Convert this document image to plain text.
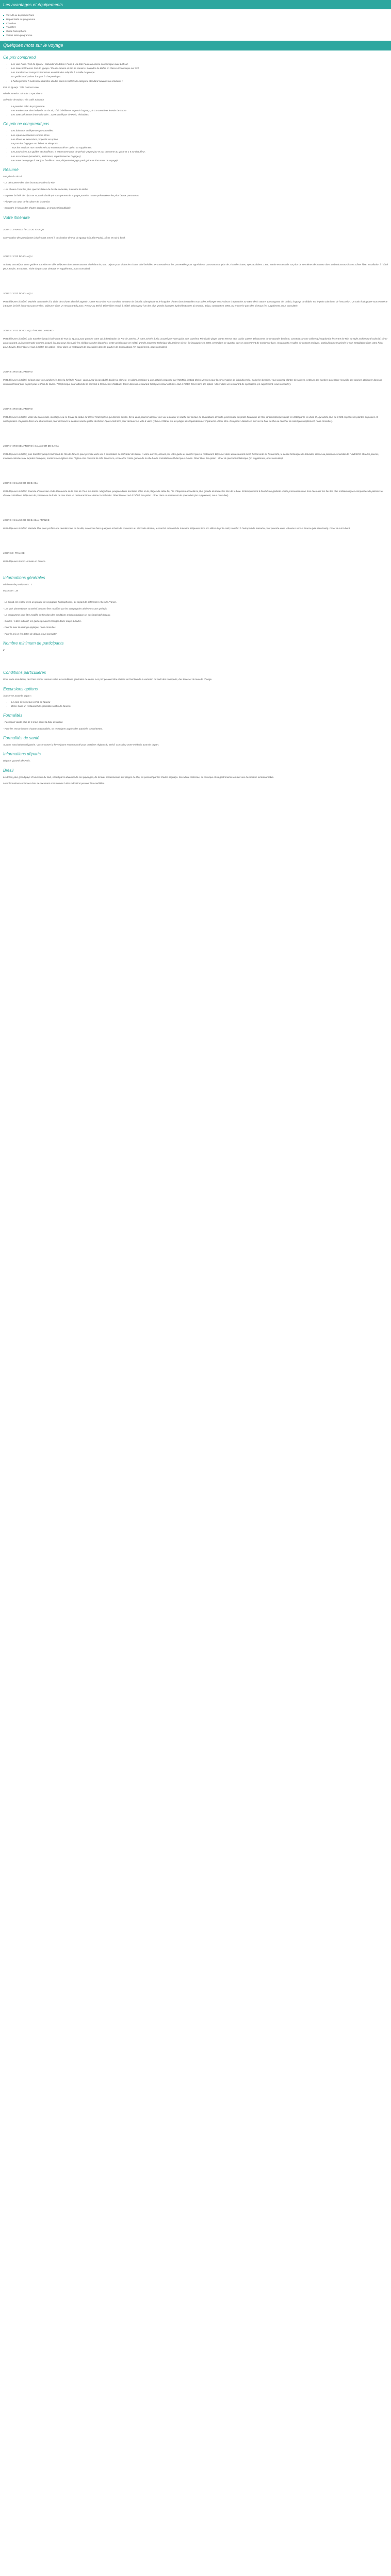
Les avantages et équipements
Vol A/R au départ de Paris
Repas listés au programme
Chambre
Transfert
Guide francophone
Visites selon programme
Quelques mots sur le voyage
Ce prix comprend
• Les vols Paris / Foz do Iguaçu - Salvador de Bahia / Paris à Via São Paulo en classe économique avec LATAM.
• Les taxes intérieures Foz do Iguaçu / Rio de Janeiro et Rio de Janeiro / Salvador de Bahia en classe économique sur Gol.
• Les transferts et transports terrestres en véhicules adaptés à la taille du groupe.
• Un guide local parlant français à chaque étape.
• L'hébergement 7 nuits base chambre double dans les hôtels de catégorie standard suivants ou similaires :

Foz do Iguaçu : Vila Canoas Hotel

Rio de Janeiro : Mirador Copacabana

Salvador de Bahia : Vila Galé Salvador

• La pension selon le programme.
• Les entrées aux sites indiqués au circuit, côté brésilien et argentin à Iguaçu, le Corcovado et le Pain de Sucre
• Les taxes aériennes internationales : 320 € au départ de Paris, révisables.
Ce prix ne comprend pas
• Les boissons et dépenses personnelles.
• Les repas mentionnés comme libres.
• Les dîners et excursions proposés en option.
• Le port des bagages aux hôtels et aéroports.
• Tous les services non mentionnés au recommandé en option au supplément.
• Les pourboires aux guides et chauffeurs. Il est recommandé de prévoir 28 par jour et par personne au guide et 1 € au chauffeur.
• Les assurances (annulation, assistance, rapatriement et bagages).
• Le carnet de voyage à 28€ (par famille ou tous, étiquette bagage, petit guide et document de voyage).
Résumé

Les plus du circuit :

- La découverte des sites incontournables du Rio

- Les chutes d'eau les plus spectaculaires de la ville coloniale, Salvador de Bahia

- Explorer la forêt de Tijuca et sa particularité qui vous permet de voyager parmi la nature préservée et les plus beaux panoramas.

- Plonger au cœur de la culture de la Samba

- Entendre le fracas des chutes d'Iguaçu, un moment inoubliable.

Votre itinéraire
JOUR 1 : FRANCE / FOZ DO IGUAÇU

Convocation des participants à l'aéroport. Envol à destination de Foz do Iguaçu (via São Paulo). Dîner et nuit à bord.

JOUR 2 : FOZ DO IGUAÇU

Arrivée, accueil par votre guide et transfert en ville. Déjeuner dans un restaurant situé dans le parc. Départ pour visiter les chutes côté brésilien. Promenade sur les passerelles pour apprécier le panorama sur plus de 2 km de chutes, spectaculaires. L'eau tombe en cascade sur plus de 80 mètres de hauteur dans un bruit assourdissant. Dîner libre. Installation à l'hôtel pour 3 nuits. En option : visite du parc aux oiseaux en supplément, nous consulter).

JOUR 3 : FOZ DO IGUAÇU

Petit déjeuner à l'hôtel. Matinée consacrée à la visite des chutes du côté argentin. Cette excursion vous conduira au cœur de la forêt subtropicale et le long des chutes dans lesquelles vous allez mélanger vos instincts d'aventurier au cœur de la nature. La Garganta del Diablo, la gorge du diable, est le point culminant de l'excursion. Un train écologique vous emmène à travers la forêt jusqu'aux passerelles. Déjeuner dans un restaurant du parc. Retour au Brésil. Dîner libre et nuit à l'hôtel. Découvrez l'un des plus grands barrages hydroélectriques du monde, Itaipu, construit en 1984, ou encore le parc des oiseaux (en supplément, nous consulter).

JOUR 4 : FOZ DO IGUAÇU / RIO DE JANEIRO

Petit déjeuner à l'hôtel, puis transfert jusqu'à l'aéroport de Foz do Iguaçu pour prendre votre vol à destination de Rio de Janeiro. À votre arrivée à Rio, accueil par votre guide puis transfert. Principale plage, Santa Teresa et le palais Catete. Découverte de ce quartier bohème, construit sur une colline qui surplombe le centre de Rio, au style architectural colonial. Dîner au restaurant, puis promenade en tram jusqu'à la Lapa pour découvrir les célèbres arches blanches. Cette architecture en métal, grande prouesse technique du XIXème siècle, fut inaugurée en 1896. C'est dans ce quartier que se concentrent de nombreux bars, restaurants et salles de concert typiques, particulièrement animés le soir. Installation dans votre hôtel pour 3 nuits. Dîner libre et nuit à l'hôtel. En option : dîner dans un restaurant de spécialités dans le quartier de Copacabana (en supplément, nous consulter).

JOUR 5 : RIO DE JANEIRO

Petit déjeuner à l'hôtel. Départ pour une randonnée dans la forêt de Tijuca : vous aurez la possibilité d'aider la planète, en allant participer à une activité proposée par l'ICMBio, institut Chico Mendes pour la conservation de la biodiversité. Selon les besoins, vous pourrez planter des arbres, nettoyer des sentiers ou encore recueillir des graines. Déjeuner dans un restaurant local puis départ pour le Pain de Sucre. Téléphérique pour atteindre le sommet à 396 mètres d'altitude. Dîner dans un restaurant local puis retour à l'hôtel. Nuit à l'hôtel. Dîner libre. En option : dîner dans un restaurant de spécialités (en supplément, nous consulter).

JOUR 6 : RIO DE JANEIRO

Petit déjeuner à l'hôtel. Visite du Corcovado, montagne où se trouve la statue du Christ Rédempteur qui domine la ville. De là vous pourrez admirer une vue à couper le souffle sur la baie de Guanabara. Ensuite, promenade au jardin botanique de Rio, jardin historique fondé en 1808 par le roi Joao VI, qui abrite plus de 6 500 espèces de plantes tropicales et subtropicales. Déjeuner dans une churrascaria pour découvrir la célèbre viande grillée du Brésil. Après-midi libre pour découvrir la ville à votre rythme et flâner sur les plages de Copacabana et d'Ipanema. Dîner libre. En option : balade en mer sur la baie de Rio au coucher du soleil (en supplément, nous consulter).

JOUR 7 : RIO DE JANEIRO / SALVADOR DE BAHIA

Petit déjeuner à l'hôtel, puis transfert jusqu'à l'aéroport de Rio de Janeiro pour prendre votre vol à destination de Salvador de Bahia. À votre arrivée, accueil par votre guide et transfert pour le restaurant. Déjeuner dans un restaurant local. Découverte du Pelourinho, le centre historique de Salvador, classé au patrimoine mondial de l'UNESCO. Ruelles pavées, maisons colorées aux façades baroques, nombreuses églises dont l'église et le couvent de São Francisco, ornée d'or. Visite guidée de la ville haute. Installation à l'hôtel pour 2 nuits. Dîner libre. En option : dîner et spectacle folklorique (en supplément, nous consulter).

JOUR 8 : SALVADOR DE BAHIA

Petit déjeuner à l'hôtel. Journée d'excursion et de découverte de la baie de Tous les Saints. Magnifique, peuplée d'une trentaine d'îles et de plages de sable fin, l'île d'Itaparica accueille la plus grande de toutes les îles de la baie. Embarquement à bord d'une goélette. Cette promenade vous fera découvrir les îles les plus emblématiques composées de palmiers et d'eaux cristallines. Déjeuner de poisson ou de fruits de mer dans un restaurant local. Retour à Salvador. Dîner libre et nuit à l'hôtel. En option : dîner dans un restaurant de spécialités (en supplément, nous consulter).

JOUR 9 : SALVADOR DE BAHIA / FRANCE

Petit déjeuner à l'hôtel. Matinée libre pour profiter une dernière fois de la ville, ou encore faire quelques achats de souvenirs au Mercado Modelo, le marché artisanal de Salvador. Déjeuner libre. En début d'après-midi, transfert à l'aéroport de Salvador pour prendre votre vol retour vers la France (via São Paulo). Dîner et nuit à bord.

JOUR 10 : FRANCE

Petit déjeuner à bord. Arrivée en France.

Informations générales

Minimum de participants : 2

Maximum : 18

- Le circuit est réalisé avec un groupe de voyageurs francophones, au départ de différentes villes de France.

- Les vols domestiques au Brésil peuvent être modifiés par les compagnies aériennes sans préavis.

- Le programme peut être modifié en fonction des conditions météorologiques et des impératifs locaux.

- Guides : à titre indicatif, les guides peuvent changer d'une étape à l'autre.

- Pour le taux de change appliqué, nous consulter.

- Pour le prix et les dates de départ, nous consulter.

Nombre minimum de participants

2

Conditions particulières

Pour toute annulation, des frais seront retenus selon les conditions générales de vente. Les prix peuvent être révisés en fonction de la variation du coût des transports, des taxes et du taux de change.

Excursions options

À réserver avant le départ :

• Le parc des oiseaux à Foz do Iguaçu
• Dîner dans un restaurant de spécialités à Rio de Janeiro
Formalités

- Passeport valide plus de 6 mois après la date de retour.

- Pour les ressortissants d'autres nationalités, se renseigner auprès des autorités compétentes.

Formalités de santé

Aucune vaccination obligatoire. Vaccin contre la fièvre jaune recommandé pour certaines régions du Brésil. Consultez votre médecin avant le départ.

Informations départs

Départs garantis de Paris.

Brésil

Le Brésil, plus grand pays d'Amérique du Sud, séduit par la diversité de ses paysages, de la forêt amazonienne aux plages de Rio, en passant par les chutes d'Iguaçu. Sa culture métissée, sa musique et sa gastronomie en font une destination incontournable.

Les informations contenues dans ce document sont fournies à titre indicatif et peuvent être modifiées.
